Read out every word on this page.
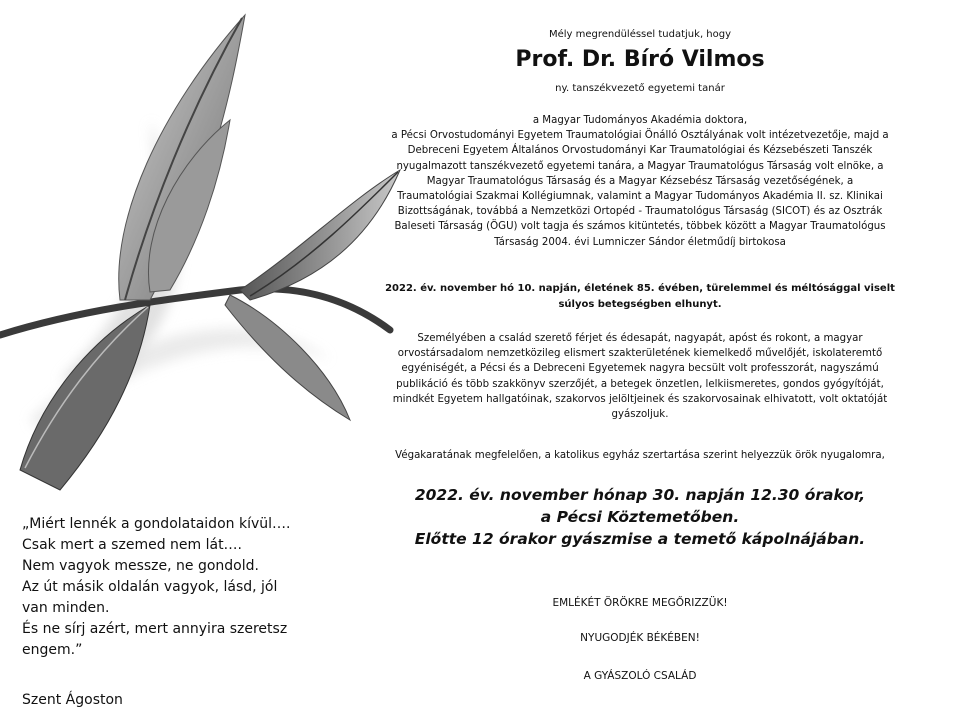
Mély megrendüléssel tudatjuk, hogy
Prof. Dr. Bíró Vilmos
ny. tanszékvezető egyetemi tanár
a Magyar Tudományos Akadémia doktora,
a Pécsi Orvostudományi Egyetem Traumatológiai Önálló Osztályának volt intézetvezetője, majd a
Debreceni Egyetem Általános Orvostudományi Kar Traumatológiai és Kézsebészeti Tanszék
nyugalmazott tanszékvezető egyetemi tanára, a Magyar Traumatológus Társaság volt elnöke, a
Magyar Traumatológus Társaság és a Magyar Kézsebész Társaság vezetőségének, a
Traumatológiai Szakmai Kollégiumnak, valamint a Magyar Tudományos Akadémia II. sz. Klinikai
Bizottságának, továbbá a Nemzetközi Ortopéd - Traumatológus Társaság (SICOT) és az Osztrák
Baleseti Társaság (ÖGU) volt tagja és számos kitüntetés, többek között a Magyar Traumatológus
Társaság 2004. évi Lumniczer Sándor életműdíj birtokosa
2022. év. november hó 10. napján, életének 85. évében, türelemmel és méltósággal viselt
súlyos betegségben elhunyt.
Személyében a család szerető férjet és édesapát, nagyapát, apóst és rokont, a magyar
orvostársadalom nemzetközileg elismert szakterületének kiemelkedő művelőjét, iskolateremtő
egyéniségét, a Pécsi és a Debreceni Egyetemek nagyra becsült volt professzorát, nagyszámú
publikáció és több szakkönyv szerzőjét, a betegek önzetlen, lelkiismeretes, gondos gyógyítóját,
mindkét Egyetem hallgatóinak, szakorvos jelöltjeinek és szakorvosainak elhivatott, volt oktatóját
gyászoljuk.
Végakaratának megfelelően, a katolikus egyház szertartása szerint helyezzük örök nyugalomra,
2022. év. november hónap 30. napján 12.30 órakor,
a Pécsi Köztemetőben.
Előtte 12 órakor gyászmise a temető kápolnájában.
EMLÉKÉT ÖRÖKRE MEGŐRIZZÜK!
NYUGODJÉK BÉKÉBEN!
A GYÁSZOLÓ CSALÁD
„Miért lennék a gondolataidon kívül….
Csak mert a szemed nem lát….
Nem vagyok messze, ne gondold.
Az út másik oldalán vagyok, lásd, jól
van minden.
És ne sírj azért, mert annyira szeretsz
engem.”
Szent Ágoston
